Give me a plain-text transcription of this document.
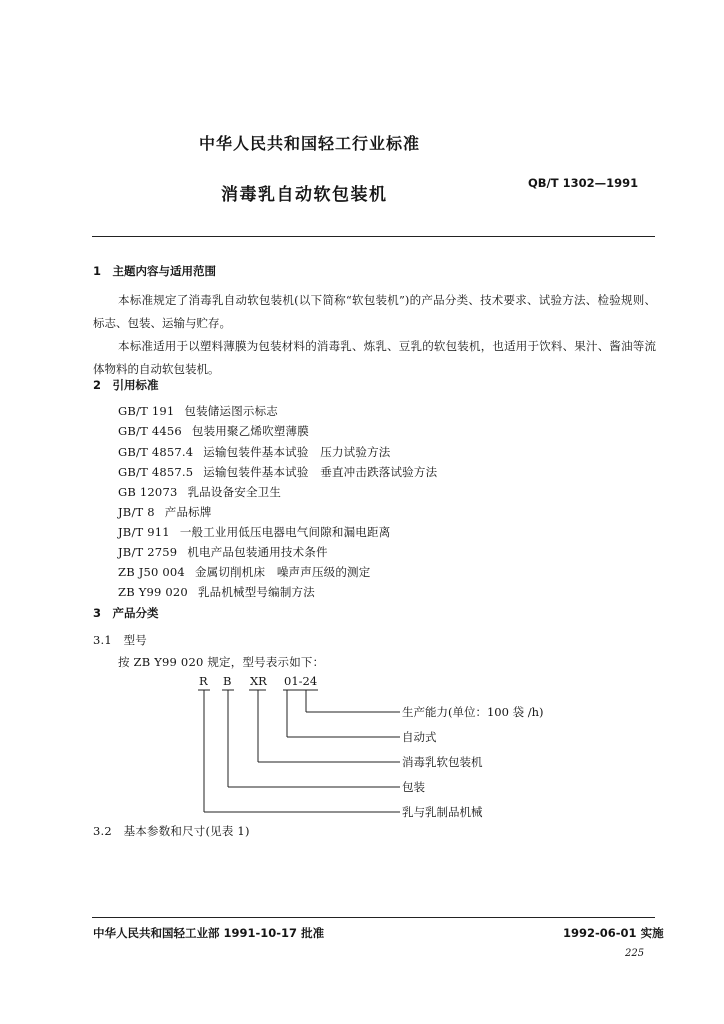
中华人民共和国轻工行业标准
消毒乳自动软包装机
QB/T 1302—1991
1　主题内容与适用范围
本标准规定了消毒乳自动软包装机(以下简称“软包装机”)的产品分类、技术要求、试验方法、检验规则、标志、包装、运输与贮存。
本标准适用于以塑料薄膜为包装材料的消毒乳、炼乳、豆乳的软包装机，也适用于饮料、果汁、酱油等流体物料的自动软包装机。
2　引用标准
GB/T 191 包装储运图示标志
GB/T 4456 包装用聚乙烯吹塑薄膜
GB/T 4857.4 运输包装件基本试验　压力试验方法
GB/T 4857.5 运输包装件基本试验　垂直冲击跌落试验方法
GB 12073 乳品设备安全卫生
JB/T 8 产品标牌
JB/T 911 一般工业用低压电器电气间隙和漏电距离
JB/T 2759 机电产品包装通用技术条件
ZB J50 004 金属切削机床　噪声声压级的测定
ZB Y99 020 乳品机械型号编制方法
3　产品分类
3.1　型号
按 ZB Y99 020 规定，型号表示如下：
R B XR 01-24
生产能力(单位：100 袋 /h)
自动式
消毒乳软包装机
包装
乳与乳制品机械
3.2　基本参数和尺寸(见表 1)
中华人民共和国轻工业部 1991-10-17 批准	1992-06-01 实施
225
